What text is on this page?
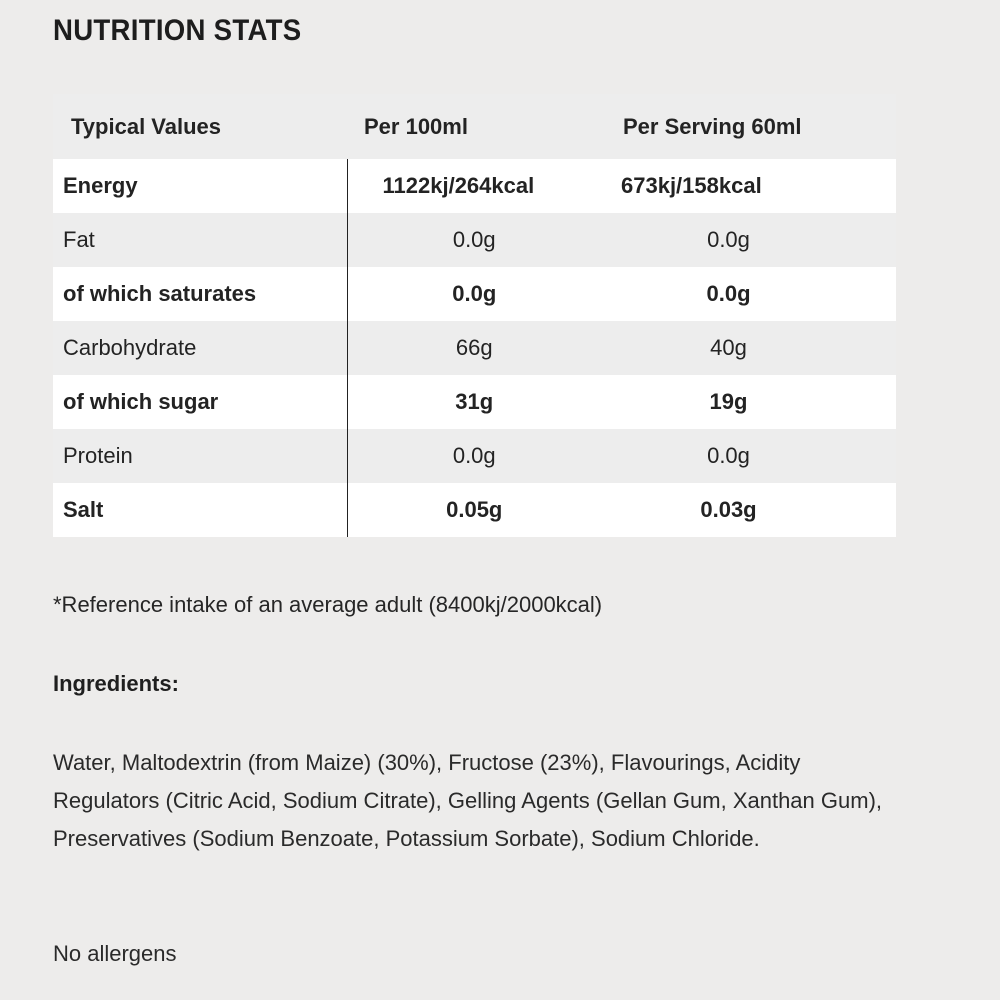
NUTRITION STATS
Typical Values	Per 100ml	Per Serving 60ml
Energy	1122kj/264kcal	673kj/158kcal
Fat	0.0g	0.0g
of which saturates	0.0g	0.0g
Carbohydrate	66g	40g
of which sugar	31g	19g
Protein	0.0g	0.0g
Salt	0.05g	0.03g
*Reference intake of an average adult (8400kj/2000kcal)
Ingredients:
Water, Maltodextrin (from Maize) (30%), Fructose (23%), Flavourings, Acidity Regulators (Citric Acid, Sodium Citrate), Gelling Agents (Gellan Gum, Xanthan Gum), Preservatives (Sodium Benzoate, Potassium Sorbate), Sodium Chloride.
No allergens
